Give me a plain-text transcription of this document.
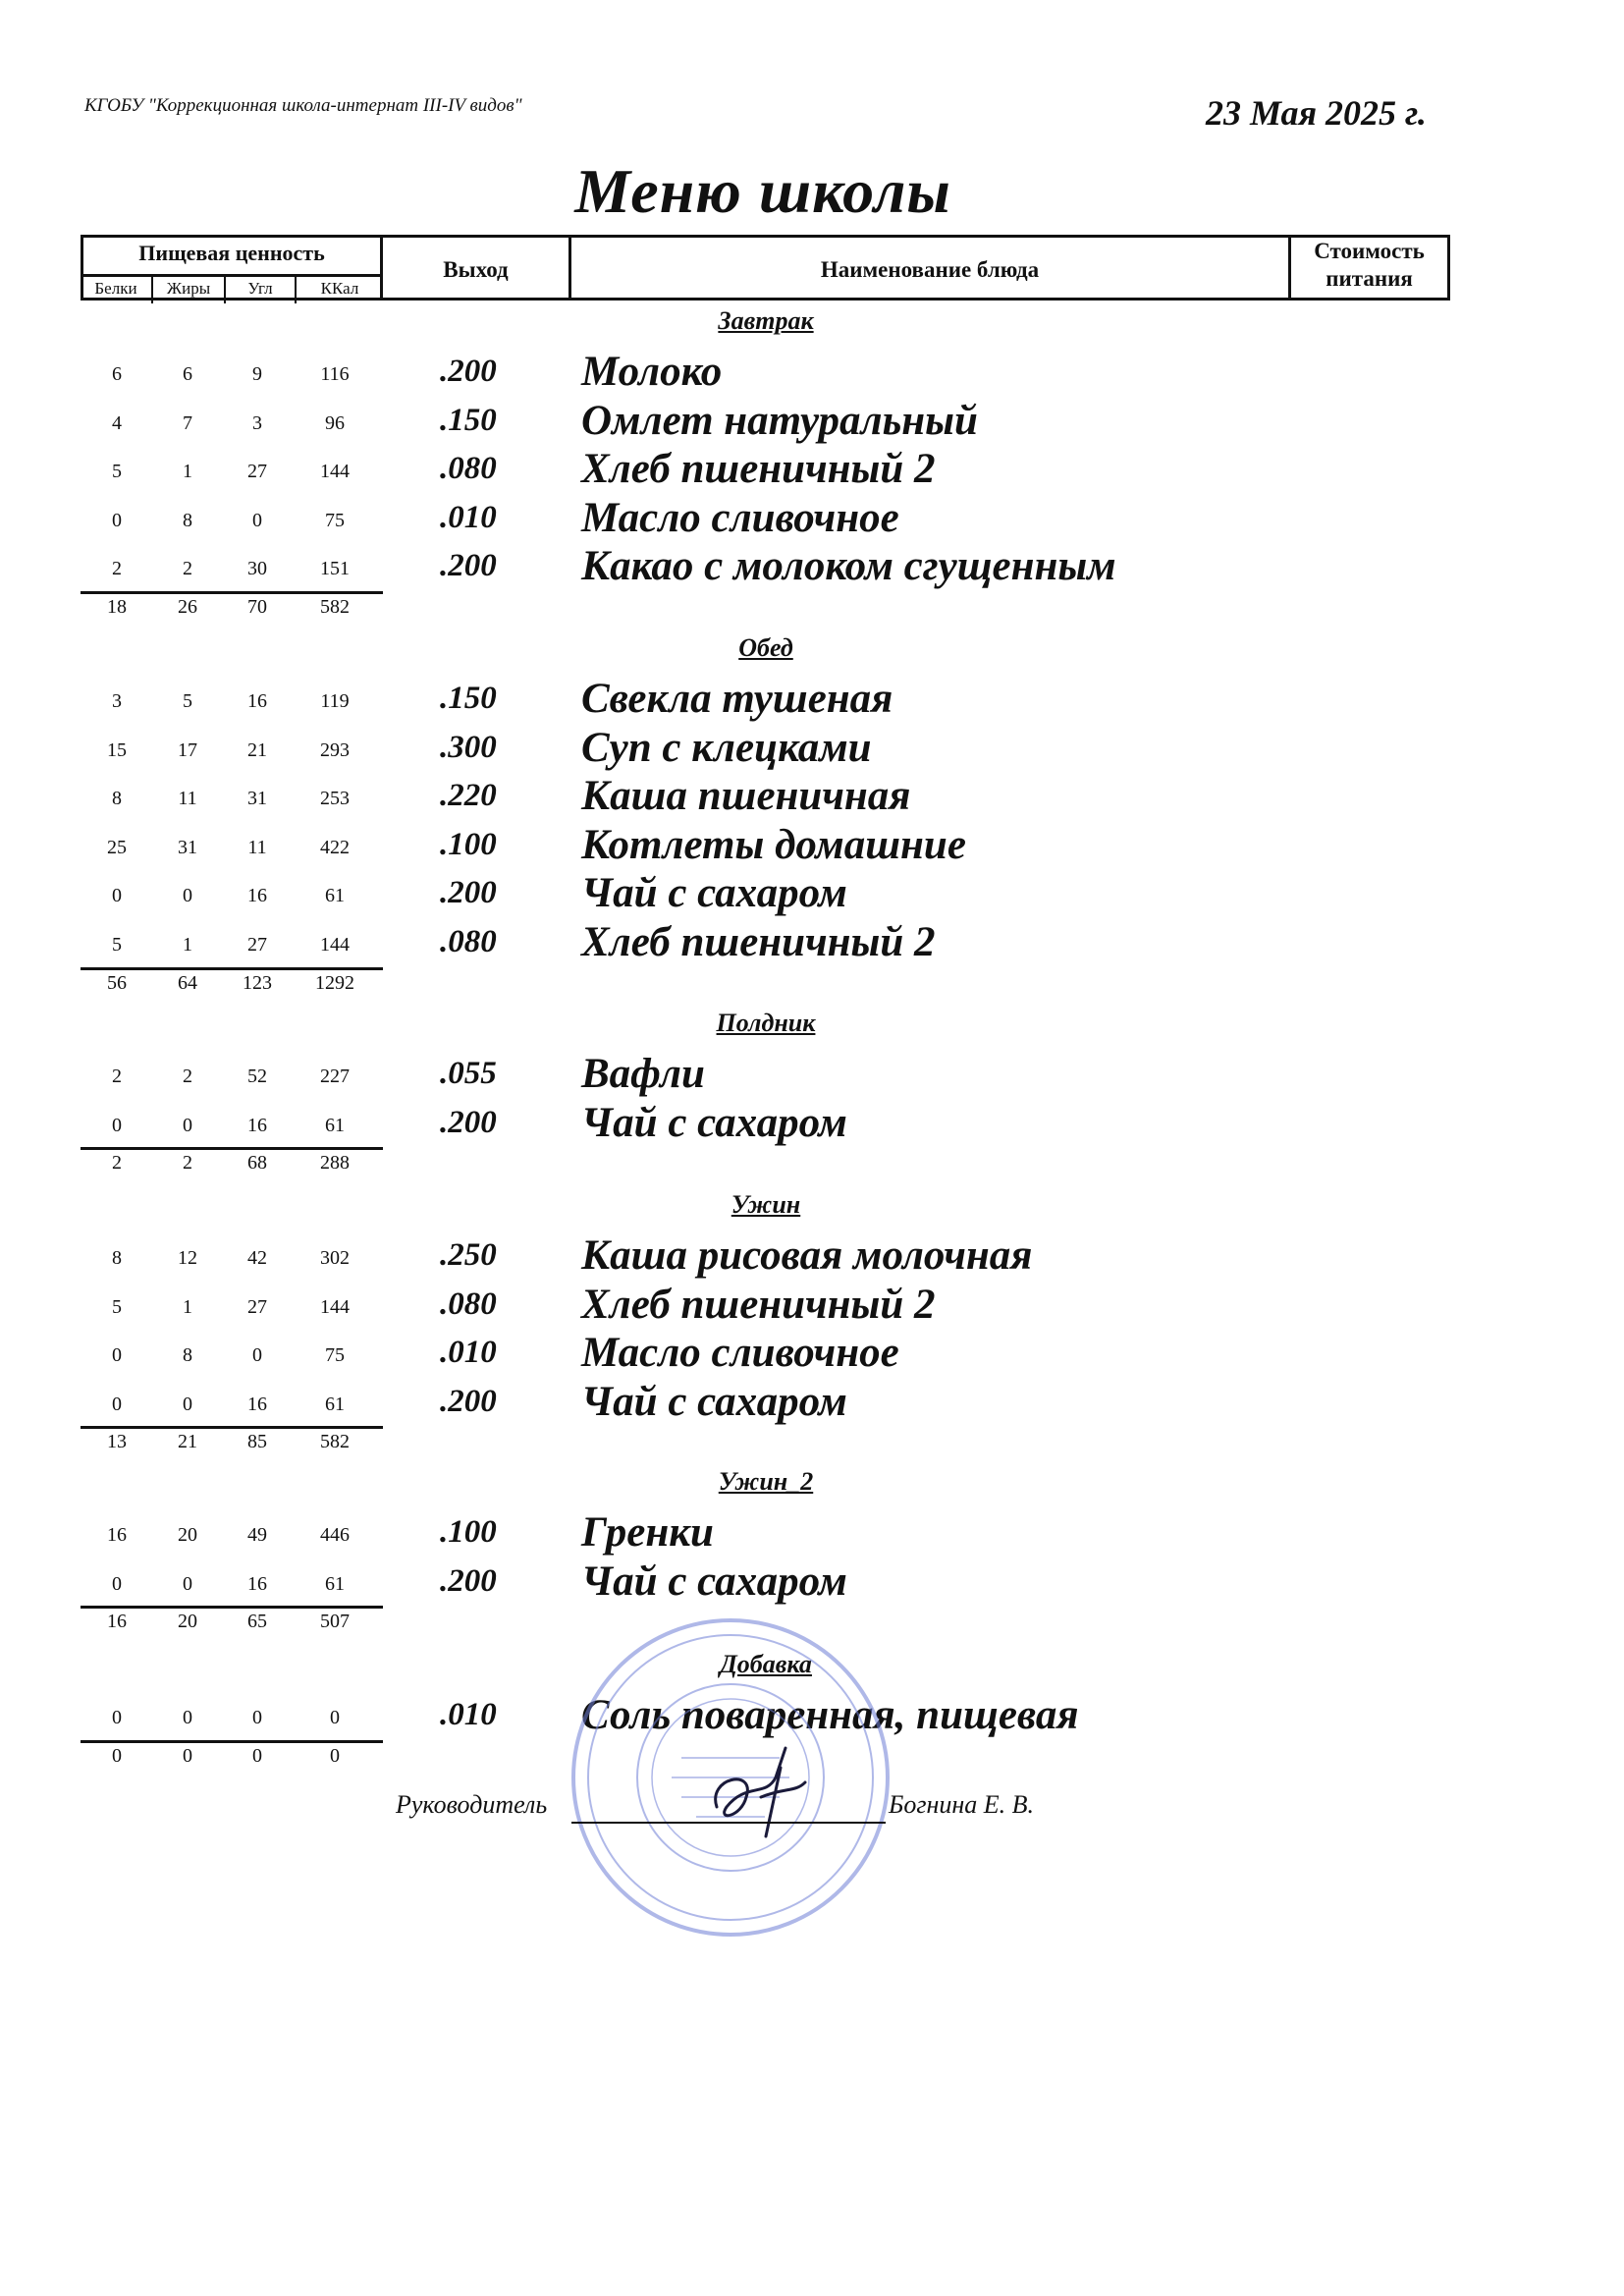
КГОБУ "Коррекционная школа-интернат III-IV видов"	23 Мая 2025 г.
Меню школы
Пищевая ценность
Белки	Жиры	Угл	ККал
Выход	Наименование блюда
Стоимость
питания
Завтрак
6	6	9	116	.200 Молоко
4	7	3	96	.150 Омлет натуральный
5	1	27	144	.080 Хлеб пшеничный 2
0	8	0	75	.010 Масло сливочное
2	2	30	151	.200 Какао с молоком сгущенным
18	26	70	582
Обед
3	5	16	119	.150 Свекла тушеная
15	17	21	293	.300 Суп с клецками
8	11	31	253	.220 Каша пшеничная
25	31	11	422	.100 Котлеты домашние
0	0	16	61	.200 Чай с сахаром
5	1	27	144	.080 Хлеб пшеничный 2
56	64	123	1292
Полдник
2	2	52	227	.055 Вафли
0	0	16	61	.200 Чай с сахаром
2	2	68	288
Ужин
8	12	42	302	.250 Каша рисовая молочная
5	1	27	144	.080 Хлеб пшеничный 2
0	8	0	75	.010 Масло сливочное
0	0	16	61	.200 Чай с сахаром
13	21	85	582
Ужин_2
16	20	49	446	.100 Гренки
0	0	16	61	.200 Чай с сахаром
16	20	65	507
Добавка
0	0	0	0	.010 Соль поваренная, пищевая
0	0	0	0
Руководитель	Богнина Е. В.
